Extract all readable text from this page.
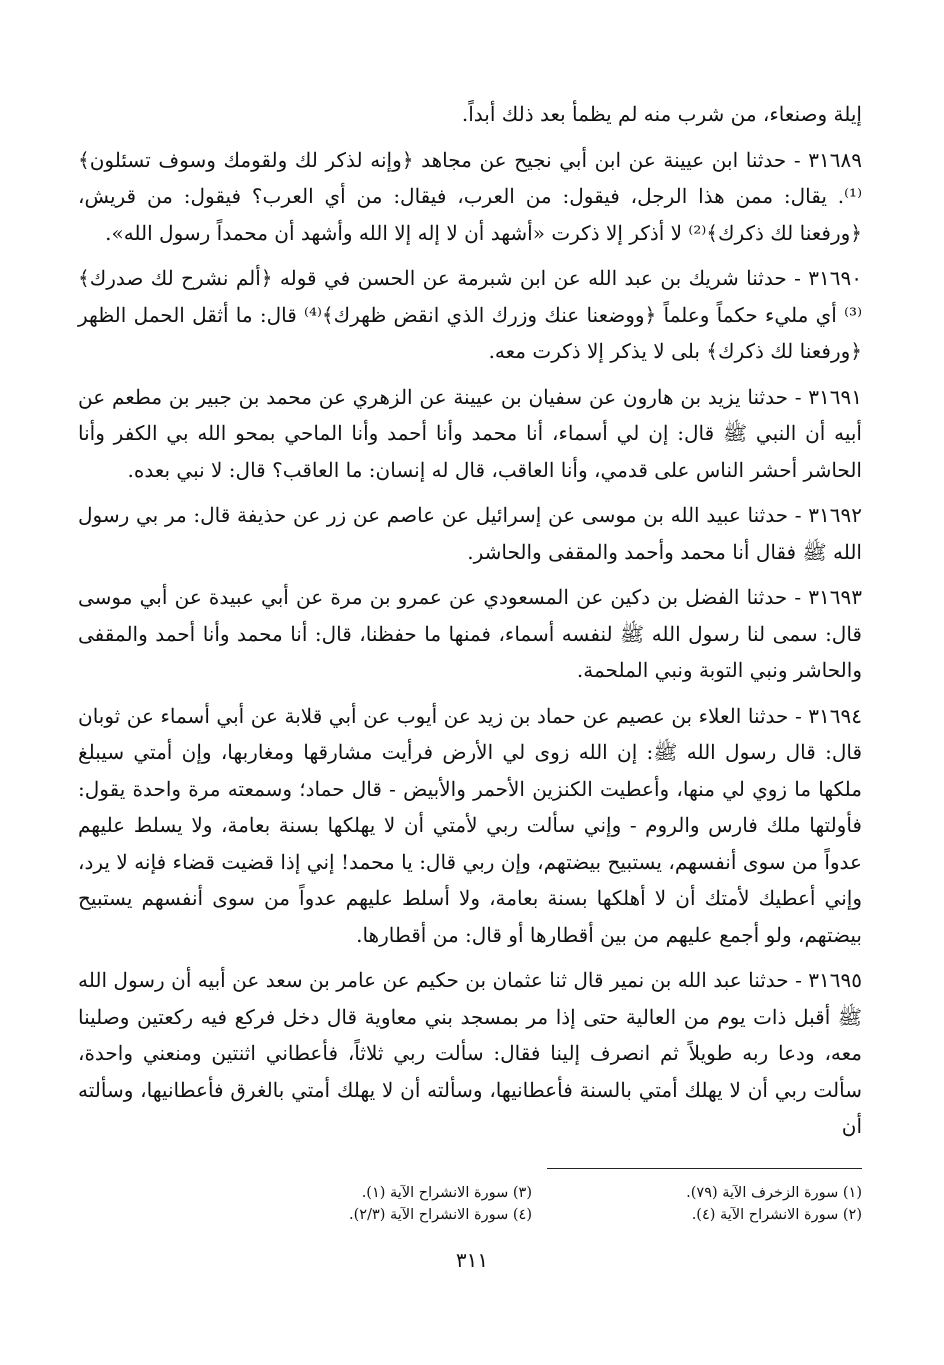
إيلة وصنعاء، من شرب منه لم يظمأ بعد ذلك أبداً.

٣١٦٨٩ - حدثنا ابن عيينة عن ابن أبي نجيح عن مجاهد ﴿وإنه لذكر لك ولقومك وسوف تسئلون﴾⁽¹⁾. يقال: ممن هذا الرجل، فيقول: من العرب، فيقال: من أي العرب؟ فيقول: من قريش، ﴿ورفعنا لك ذكرك﴾⁽²⁾ لا أذكر إلا ذكرت «أشهد أن لا إله إلا الله وأشهد أن محمداً رسول الله».

٣١٦٩٠ - حدثنا شريك بن عبد الله عن ابن شبرمة عن الحسن في قوله ﴿ألم نشرح لك صدرك﴾⁽³⁾ أي مليء حكماً وعلماً ﴿ووضعنا عنك وزرك الذي انقض ظهرك﴾⁽⁴⁾ قال: ما أثقل الحمل الظهر ﴿ورفعنا لك ذكرك﴾ بلى لا يذكر إلا ذكرت معه.

٣١٦٩١ - حدثنا يزيد بن هارون عن سفيان بن عيينة عن الزهري عن محمد بن جبير بن مطعم عن أبيه أن النبي ﷺ قال: إن لي أسماء، أنا محمد وأنا أحمد وأنا الماحي بمحو الله بي الكفر وأنا الحاشر أحشر الناس على قدمي، وأنا العاقب، قال له إنسان: ما العاقب؟ قال: لا نبي بعده.

٣١٦٩٢ - حدثنا عبيد الله بن موسى عن إسرائيل عن عاصم عن زر عن حذيفة قال: مر بي رسول الله ﷺ فقال أنا محمد وأحمد والمقفى والحاشر.

٣١٦٩٣ - حدثنا الفضل بن دكين عن المسعودي عن عمرو بن مرة عن أبي عبيدة عن أبي موسى قال: سمى لنا رسول الله ﷺ لنفسه أسماء، فمنها ما حفظنا، قال: أنا محمد وأنا أحمد والمقفى والحاشر ونبي التوبة ونبي الملحمة.

٣١٦٩٤ - حدثنا العلاء بن عصيم عن حماد بن زيد عن أيوب عن أبي قلابة عن أبي أسماء عن ثوبان قال: قال رسول الله ﷺ: إن الله زوى لي الأرض فرأيت مشارقها ومغاربها، وإن أمتي سيبلغ ملكها ما زوي لي منها، وأعطيت الكنزين الأحمر والأبيض - قال حماد؛ وسمعته مرة واحدة يقول: فأولتها ملك فارس والروم - وإني سألت ربي لأمتي أن لا يهلكها بسنة بعامة، ولا يسلط عليهم عدواً من سوى أنفسهم، يستبيح بيضتهم، وإن ربي قال: يا محمد! إني إذا قضيت قضاء فإنه لا يرد، وإني أعطيك لأمتك أن لا أهلكها بسنة بعامة، ولا أسلط عليهم عدواً من سوى أنفسهم يستبيح بيضتهم، ولو أجمع عليهم من بين أقطارها أو قال: من أقطارها.

٣١٦٩٥ - حدثنا عبد الله بن نمير قال ثنا عثمان بن حكيم عن عامر بن سعد عن أبيه أن رسول الله ﷺ أقبل ذات يوم من العالية حتى إذا مر بمسجد بني معاوية قال دخل فركع فيه ركعتين وصلينا معه، ودعا ربه طويلاً ثم انصرف إلينا فقال: سألت ربي ثلاثاً، فأعطاني اثنتين ومنعني واحدة، سألت ربي أن لا يهلك أمتي بالسنة فأعطانيها، وسألته أن لا يهلك أمتي بالغرق فأعطانيها، وسألته أن

(١) سورة الزخرف الآية (٧٩).
(٢) سورة الانشراح الآية (٤).
(٣) سورة الانشراح الآية (١).
(٤) سورة الانشراح الآية (٢/٣).
٣١١
